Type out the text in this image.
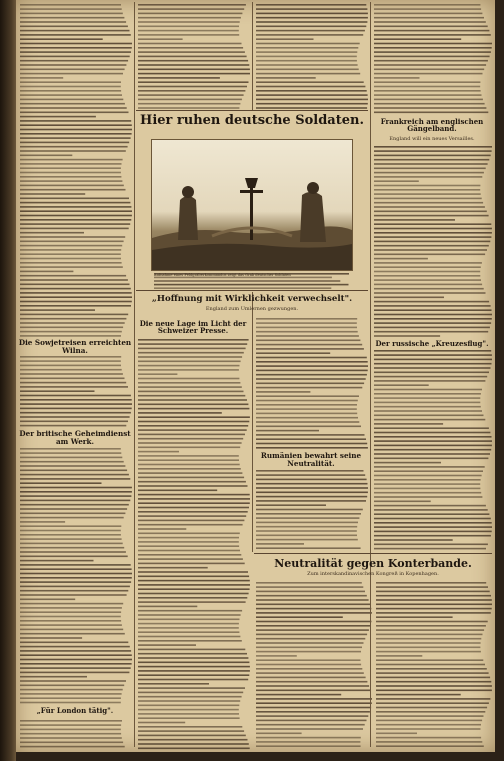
Hier ruhen deutsche Soldaten.
Aufnahme eines Feldgräberkommandos zeigt das Grab deutscher Soldaten
„Hoffnung mit Wirklichkeit verwechselt".
England zum Umlernen gezwungen.
Die neue Lage im Licht der Schweizer Presse.
Rumänien bewahrt seine Neutralität.
Die Sowjetreisen erreichten Wilna.
Der britische Geheimdienst am Werk.
„Für London tätig".
Frankreich am englischen Gängelband.
England will ein neues Versailles.
Der russische „Kreuzesflug".
Neutralität gegen Konterbande.
Zum interskandinavischen Kongreß in Kopenhagen.
